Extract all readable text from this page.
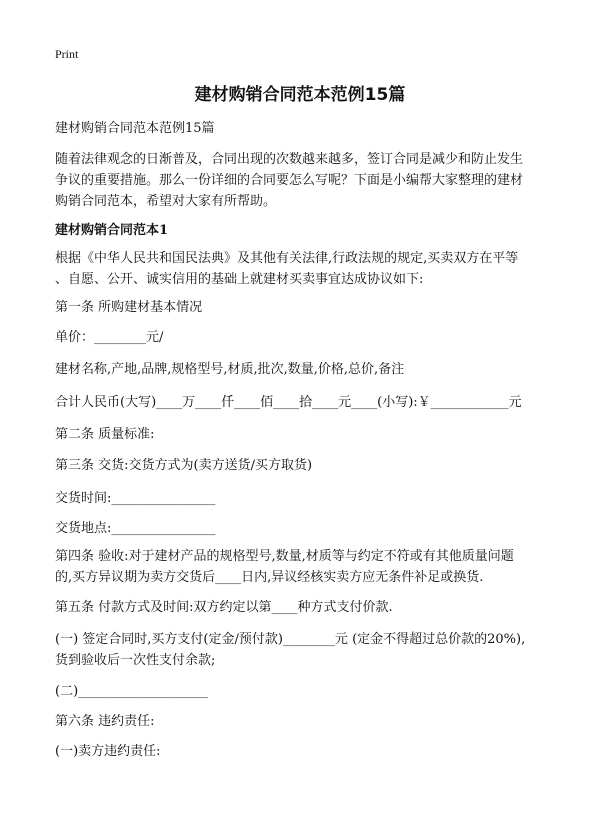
Print
建材购销合同范本范例15篇
建材购销合同范本范例15篇
随着法律观念的日渐普及，合同出现的次数越来越多，签订合同是减少和防止发生
争议的重要措施。那么一份详细的合同要怎么写呢？下面是小编帮大家整理的建材
购销合同范本，希望对大家有所帮助。
建材购销合同范本1
根据《中华人民共和国民法典》及其他有关法律,行政法规的规定,买卖双方在平等
、自愿、公开、诚实信用的基础上就建材买卖事宜达成协议如下:
第一条 所购建材基本情况
单价：________元/
建材名称,产地,品牌,规格型号,材质,批次,数量,价格,总价,备注
合计人民币(大写)____万____仟____佰____拾____元____(小写):￥____________元
第二条 质量标准:
第三条 交货:交货方式为(卖方送货/买方取货)
交货时间:________________
交货地点:________________
第四条 验收:对于建材产品的规格型号,数量,材质等与约定不符或有其他质量问题
的,买方异议期为卖方交货后____日内,异议经核实卖方应无条件补足或换货.
第五条 付款方式及时间:双方约定以第____种方式支付价款.
(一) 签定合同时,买方支付(定金/预付款)________元 (定金不得超过总价款的20%),
货到验收后一次性支付余款;
(二)____________________
第六条 违约责任:
(一)卖方违约责任:
